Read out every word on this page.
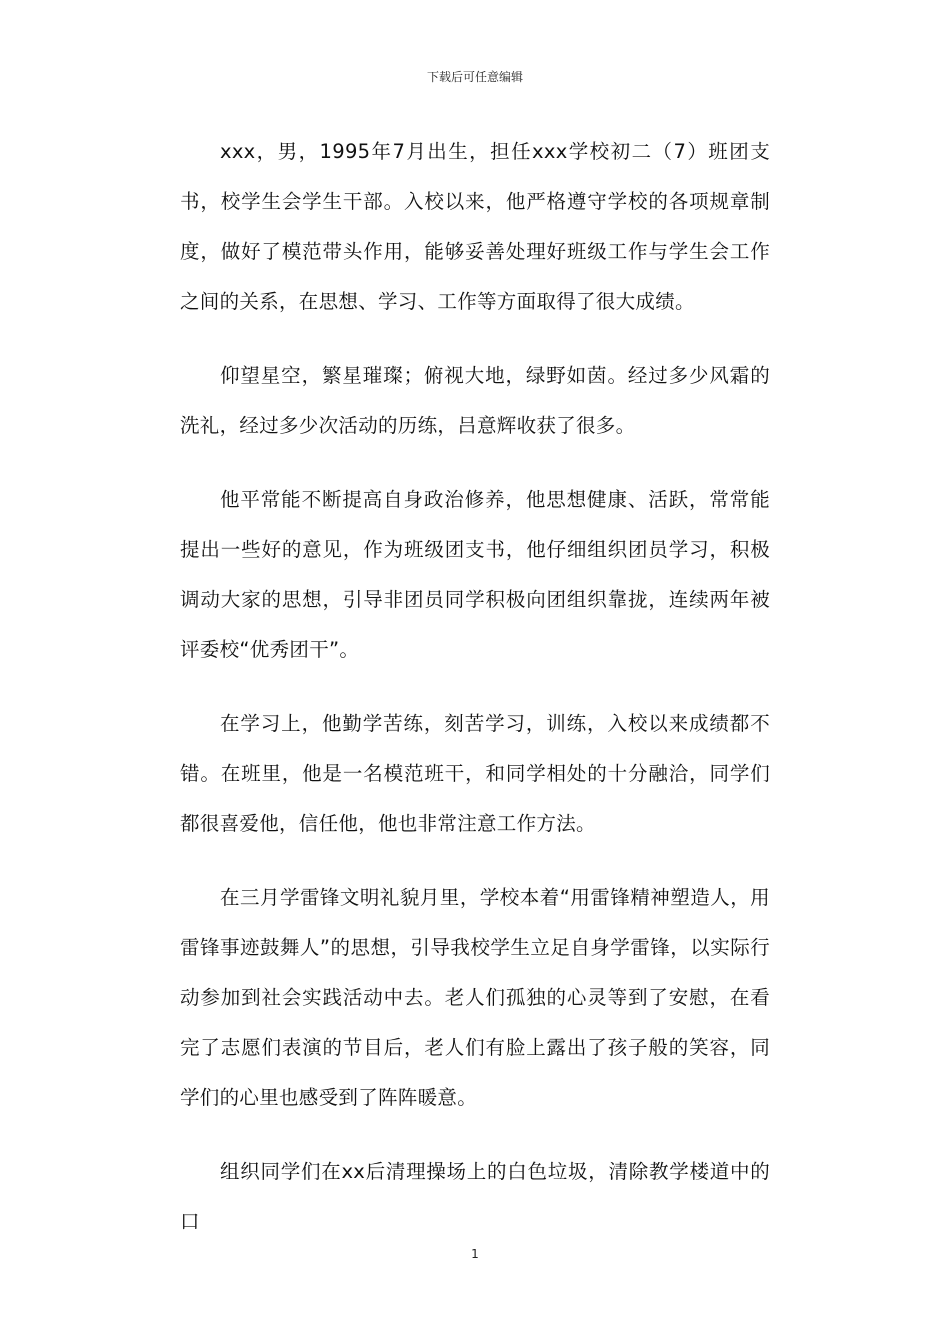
下载后可任意编辑

xxx，男，1995年7月出生，担任xxx学校初二（7）班团支书，校学生会学生干部。入校以来，他严格遵守学校的各项规章制度，做好了模范带头作用，能够妥善处理好班级工作与学生会工作之间的关系，在思想、学习、工作等方面取得了很大成绩。

仰望星空，繁星璀璨；俯视大地，绿野如茵。经过多少风霜的洗礼，经过多少次活动的历练，吕意辉收获了很多。

他平常能不断提高自身政治修养，他思想健康、活跃，常常能提出一些好的意见，作为班级团支书，他仔细组织团员学习，积极调动大家的思想，引导非团员同学积极向团组织靠拢，连续两年被评委校“优秀团干”。

在学习上，他勤学苦练，刻苦学习，训练，入校以来成绩都不错。在班里，他是一名模范班干，和同学相处的十分融洽，同学们都很喜爱他，信任他，他也非常注意工作方法。

在三月学雷锋文明礼貌月里，学校本着“用雷锋精神塑造人，用雷锋事迹鼓舞人”的思想，引导我校学生立足自身学雷锋，以实际行动参加到社会实践活动中去。老人们孤独的心灵等到了安慰，在看完了志愿们表演的节目后，老人们有脸上露出了孩子般的笑容，同学们的心里也感受到了阵阵暖意。

组织同学们在xx后清理操场上的白色垃圾，清除教学楼道中的口

1
